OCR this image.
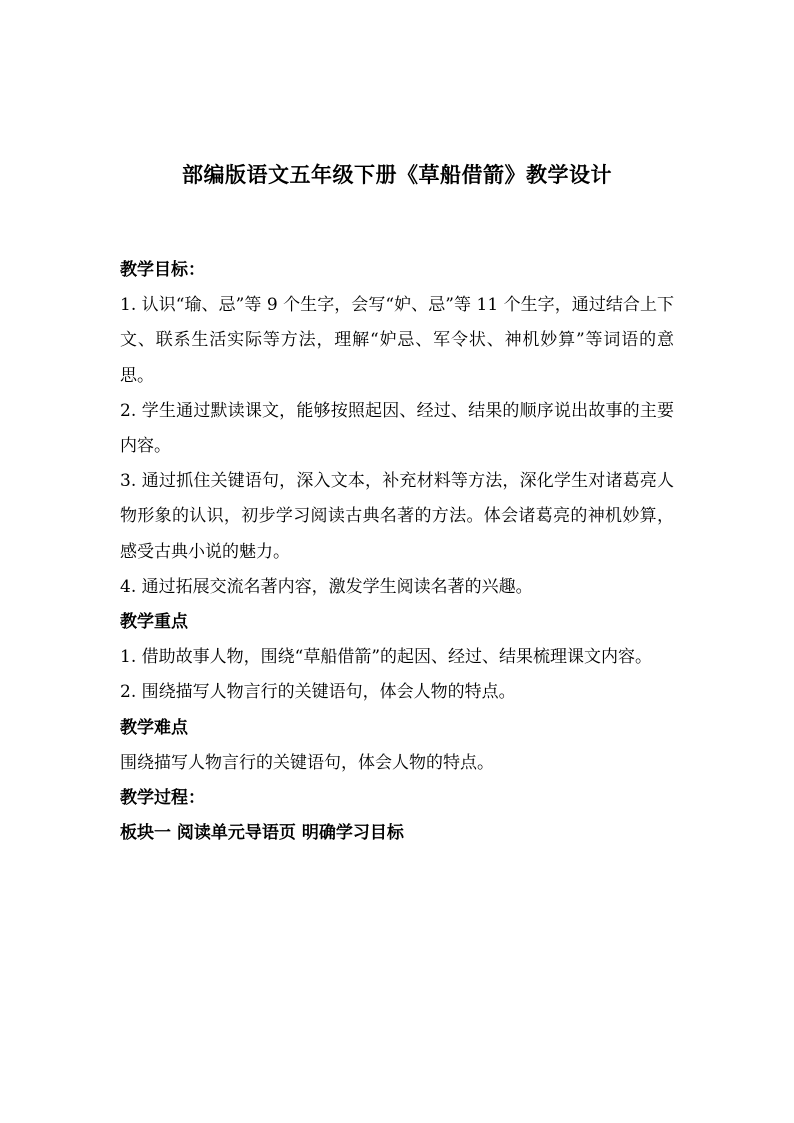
部编版语文五年级下册《草船借箭》教学设计

教学目标：

1. 认识“瑜、忌”等 9 个生字，会写“妒、忌”等 11 个生字，通过结合上下文、联系生活实际等方法，理解“妒忌、军令状、神机妙算”等词语的意思。

2. 学生通过默读课文，能够按照起因、经过、结果的顺序说出故事的主要内容。

3. 通过抓住关键语句，深入文本，补充材料等方法，深化学生对诸葛亮人物形象的认识，初步学习阅读古典名著的方法。体会诸葛亮的神机妙算，感受古典小说的魅力。

4. 通过拓展交流名著内容，激发学生阅读名著的兴趣。

教学重点

1. 借助故事人物，围绕“草船借箭”的起因、经过、结果梳理课文内容。

2. 围绕描写人物言行的关键语句，体会人物的特点。

教学难点

围绕描写人物言行的关键语句，体会人物的特点。

教学过程：

板块一 阅读单元导语页 明确学习目标
